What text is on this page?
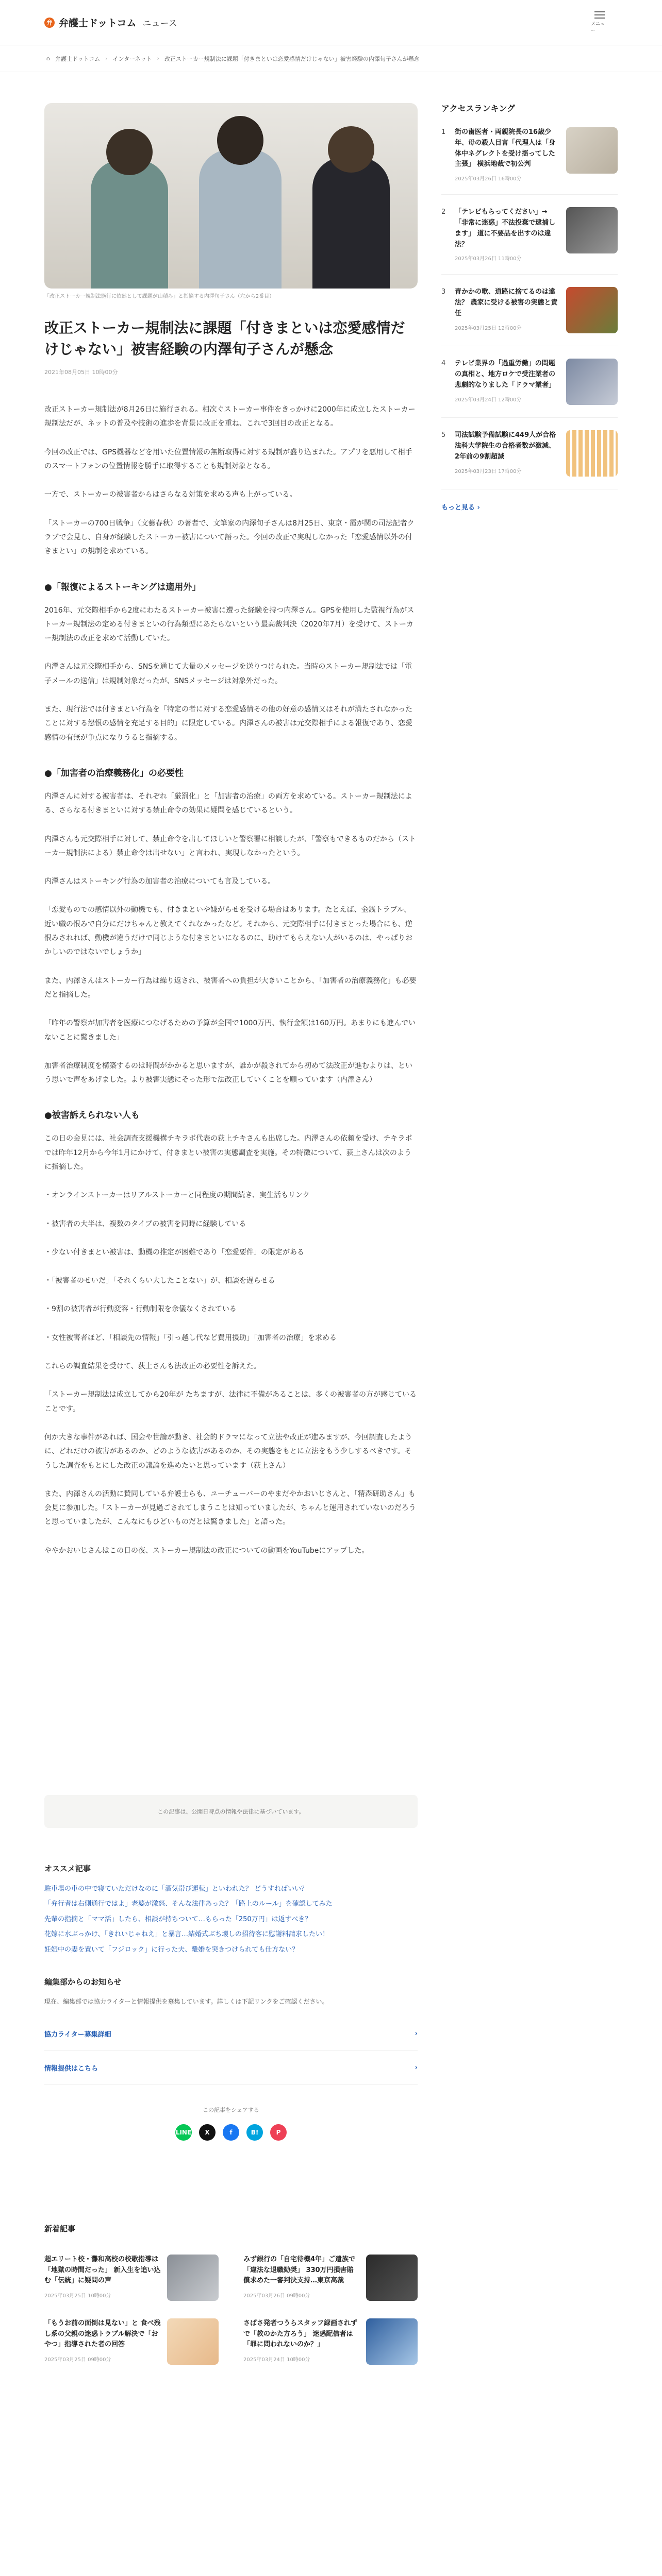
弁 弁護士ドットコム ニュース	メニュー
⌂ 弁護士ドットコム › インターネット › 改正ストーカー規制法に課題「付きまといは恋愛感情だけじゃない」被害経験の内澤旬子さんが懸念

「改正ストーカー規制法施行に依然として課題が山積み」と指摘する内澤旬子さん（左から2番目）

改正ストーカー規制法に課題「付きまといは恋愛感情だけじゃない」被害経験の内澤旬子さんが懸念

2021年08月05日 10時00分

改正ストーカー規制法が8月26日に施行される。相次ぐストーカー事件をきっかけに2000年に成立したストーカー規制法だが、ネットの普及や技術の進歩を背景に改正を重ね、これで3回目の改正となる。

今回の改正では、GPS機器などを用いた位置情報の無断取得に対する規制が盛り込まれた。アプリを悪用して相手のスマートフォンの位置情報を勝手に取得することも規制対象となる。

一方で、ストーカーの被害者からはさらなる対策を求める声も上がっている。

「ストーカーの700日戦争」（文藝春秋）の著者で、文筆家の内澤旬子さんは8月25日、東京・霞が関の司法記者クラブで会見し、自身が経験したストーカー被害について語った。今回の改正で実現しなかった「恋愛感情以外の付きまとい」の規制を求めている。

●「報復によるストーキングは適用外」

2016年、元交際相手から2度にわたるストーカー被害に遭った経験を持つ内澤さん。GPSを使用した監視行為がストーカー規制法の定める付きまといの行為類型にあたらないという最高裁判決（2020年7月）を受けて、ストーカー規制法の改正を求めて活動していた。

内澤さんは元交際相手から、SNSを通じて大量のメッセージを送りつけられた。当時のストーカー規制法では「電子メールの送信」は規制対象だったが、SNSメッセージは対象外だった。

また、現行法では付きまとい行為を「特定の者に対する恋愛感情その他の好意の感情又はそれが満たされなかったことに対する怨恨の感情を充足する目的」に限定している。内澤さんの被害は元交際相手による報復であり、恋愛感情の有無が争点になりうると指摘する。

●「加害者の治療義務化」の必要性

内澤さんに対する被害者は、それぞれ「厳罰化」と「加害者の治療」の両方を求めている。ストーカー規制法による、さらなる付きまといに対する禁止命令の効果に疑問を感じているという。

内澤さんも元交際相手に対して、禁止命令を出してほしいと警察署に相談したが、「警察もできるものだから（ストーカー規制法による）禁止命令は出せない」と言われ、実現しなかったという。

内澤さんはストーキング行為の加害者の治療についても言及している。

「恋愛ものでの感情以外の動機でも、付きまといや嫌がらせを受ける場合はあります。たとえば、金銭トラブル、近い職の恨みで自分にだけちゃんと教えてくれなかったなど。それから、元交際相手に付きまとった場合にも、逆恨みされれば、動機が違うだけで同じような付きまといになるのに、助けてもらえない人がいるのは、やっぱりおかしいのではないでしょうか」

また、内澤さんはストーカー行為は繰り返され、被害者への負担が大きいことから、「加害者の治療義務化」も必要だと指摘した。

「昨年の警察が加害者を医療につなげるための予算が全国で1000万円、執行金額は160万円。あまりにも進んでいないことに驚きました」

加害者治療制度を構築するのは時間がかかると思いますが、誰かが殺されてから初めて法改正が進むよりは、という思いで声をあげました。より被害実態にそった形で法改正していくことを願っています（内澤さん）

●被害訴えられない人も

この日の会見には、社会調査支援機構チキラボ代表の荻上チキさんも出席した。内澤さんの依頼を受け、チキラボでは昨年12月から今年1月にかけて、付きまとい被害の実態調査を実施。その特徴について、荻上さんは次のように指摘した。

・オンラインストーカーはリアルストーカーと同程度の期間続き、実生活もリンク

・被害者の大半は、複数のタイプの被害を同時に経験している

・少ない付きまとい被害は、動機の推定が困難であり「恋愛要件」の限定がある

・「被害者のせいだ」「それくらい大したことない」が、相談を遅らせる

・9割の被害者が行動変容・行動制限を余儀なくされている

・女性被害者ほど、「相談先の情報」「引っ越し代など費用援助」「加害者の治療」を求める

これらの調査結果を受けて、荻上さんも法改正の必要性を訴えた。

「ストーカー規制法は成立してから20年が たちますが、法律に不備があることは、多くの被害者の方が感じていることです。

何か大きな事件があれば、国会や世論が動き、社会的ドラマになって立法や改正が進みますが、今回調査したように、どれだけの被害があるのか、どのような被害があるのか、その実態をもとに立法をもう少しするべきです。そうした調査をもとにした改正の議論を進めたいと思っています（荻上さん）

また、内澤さんの活動に賛同している弁護士らも、ユーチューバーのやまだやかおいじさんと、「精森研助さん」も会見に参加した。「ストーカーが見過ごされてしまうことは知っていましたが、ちゃんと運用されていないのだろうと思っていましたが、こんなにもひどいものだとは驚きました」と語った。

ややかおいじさんはこの日の夜、ストーカー規制法の改正についての動画をYouTubeにアップした。

この記事は、公開日時点の情報や法律に基づいています。
オススメ記事
駐車場の車の中で寝ていただけなのに「酒気帯び運転」といわれた？ どうすればいい？
「弁行者は右側通行ではよ」老婆が激怒、そんな法律あった？「路上のルール」を確認してみた
先輩の指摘と「ママ活」したら、相談が持ちついて…もらった「250万円」は返すべき？
花嫁に水ぶっかけ、「きれいじゃねえ」と暴言…結婚式ぶち壊しの招待客に慰謝料請求したい！
妊娠中の妻を置いて「フジロック」に行った夫、離婚を突きつけられても仕方ない？
編集部からのお知らせ

現在、編集部では協力ライターと情報提供を募集しています。詳しくは下記リンクをご確認ください。

協力ライター募集詳細	›
情報提供はこちら	›

この記事をシェアする

LINE	X	f	B!	P
新着記事

超エリート校・灘和高校の校歌指導は「地獄の時間だった」 新入生を追い込む「伝統」に疑問の声

2025年03月25日 10時00分

みず銀行の「自宅待機4年」ご遺族で「違法な退職勧奨」 330万円損害賠償求めた一審判決支持…東京高裁

2025年03月26日 09時00分

「もうお前の面倒は見ない」と 食べ残し系の父親の迷惑トラブル解決で「おやつ」指導された者の回答

2025年03月25日 09時00分

さばさ発者つうらスタッフ録画されずで「教のかた方ろう」 迷惑配信者は「罪に問われないのか？」

2025年03月24日 10時00分

アクセスランキング
1	街の歯医者・両親院長の16歳少年、母の殺人目言「代理人は「身体中ネグレクトを受け揺ってした主張」 横浜地裁で初公判

2025年03月26日 16時00分

2	「テレビもらってください」→「非常に迷惑」不法投棄で逮捕します」 道に不要品を出すのは違法？

2025年03月26日 11時00分

3	青かかの歌、道路に捨てるのは違法？ 農家に受ける被害の実態と責任

2025年03月25日 12時00分

4	テレビ業界の「過重労働」の問題の真相と、地方ロケで受注業者の悲劇的なりました「ドラマ業者」

2025年03月24日 12時00分

5	司法試験予備試験に449人が合格 法科大学院生の合格者数が激減、2年前の9割超減

2025年03月23日 17時00分

もっと見る ›
